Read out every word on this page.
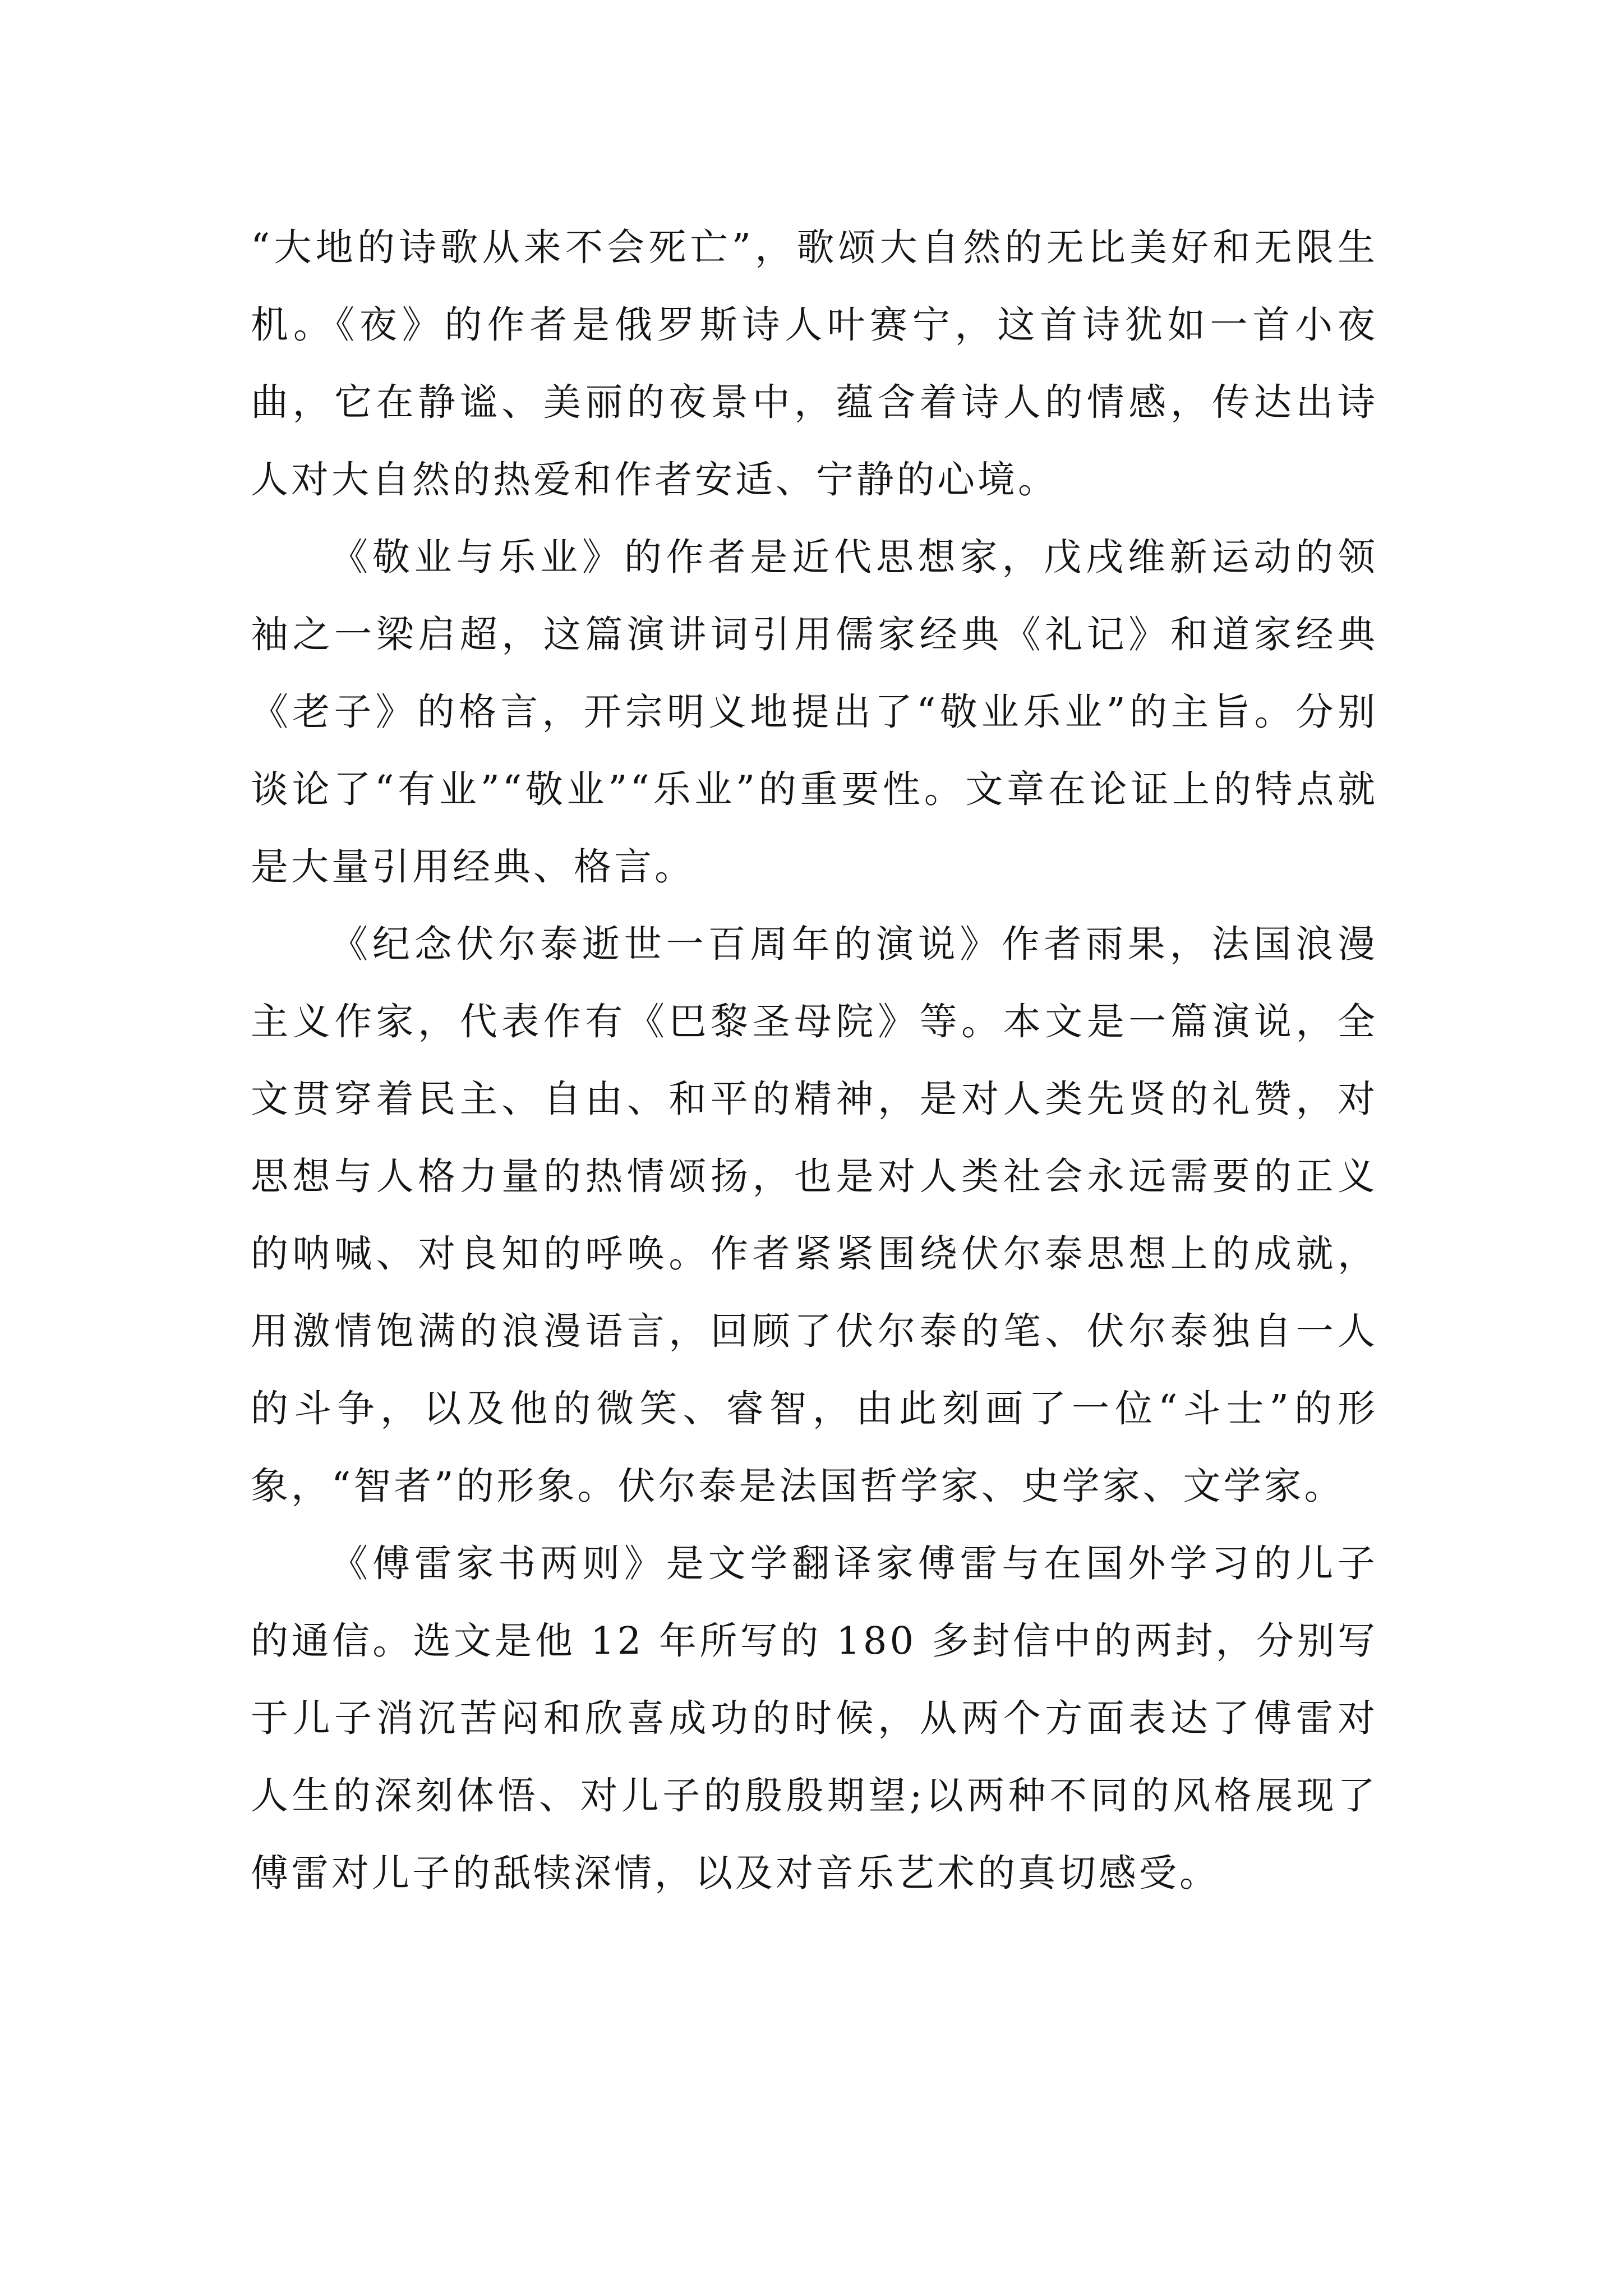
“大地的诗歌从来不会死亡”，歌颂大自然的无比美好和无限生机。《夜》的作者是俄罗斯诗人叶赛宁，这首诗犹如一首小夜曲，它在静谧、美丽的夜景中，蕴含着诗人的情感，传达出诗人对大自然的热爱和作者安适、宁静的心境。

《敬业与乐业》的作者是近代思想家，戊戌维新运动的领袖之一梁启超，这篇演讲词引用儒家经典《礼记》和道家经典《老子》的格言，开宗明义地提出了“敬业乐业”的主旨。分别谈论了“有业”“敬业”“乐业”的重要性。文章在论证上的特点就是大量引用经典、格言。

《纪念伏尔泰逝世一百周年的演说》作者雨果，法国浪漫主义作家，代表作有《巴黎圣母院》等。本文是一篇演说，全文贯穿着民主、自由、和平的精神，是对人类先贤的礼赞，对思想与人格力量的热情颂扬，也是对人类社会永远需要的正义的呐喊、对良知的呼唤。作者紧紧围绕伏尔泰思想上的成就，用激情饱满的浪漫语言，回顾了伏尔泰的笔、伏尔泰独自一人的斗争，以及他的微笑、睿智，由此刻画了一位“斗士”的形象，“智者”的形象。伏尔泰是法国哲学家、史学家、文学家。

《傅雷家书两则》是文学翻译家傅雷与在国外学习的儿子的通信。选文是他 12 年所写的 180 多封信中的两封，分别写于儿子消沉苦闷和欣喜成功的时候，从两个方面表达了傅雷对人生的深刻体悟、对儿子的殷殷期望;以两种不同的风格展现了傅雷对儿子的舐犊深情，以及对音乐艺术的真切感受。
